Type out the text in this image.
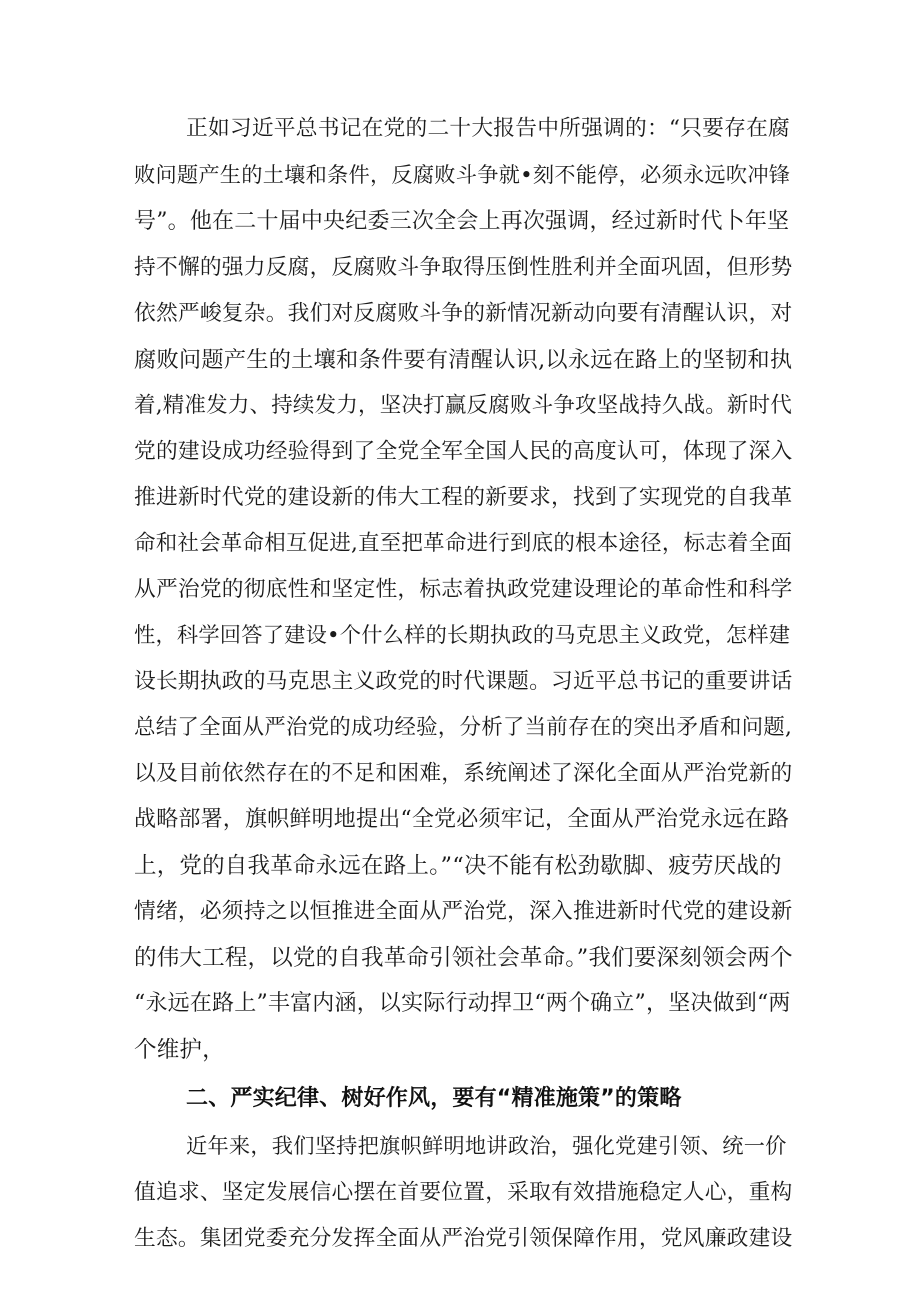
正如习近平总书记在党的二十大报告中所强调的：“只要存在腐
败问题产生的土壤和条件，反腐败斗争就•刻不能停，必须永远吹冲锋
号”。他在二十届中央纪委三次全会上再次强调，经过新时代卜年坚
持不懈的强力反腐，反腐败斗争取得压倒性胜利并全面巩固，但形势
依然严峻复杂。我们对反腐败斗争的新情况新动向要有清醒认识，对
腐败问题产生的土壤和条件要有清醒认识,以永远在路上的坚韧和执
着,精准发力、持续发力，坚决打赢反腐败斗争攻坚战持久战。新时代
党的建设成功经验得到了全党全军全国人民的高度认可，体现了深入
推进新时代党的建设新的伟大工程的新要求，找到了实现党的自我革
命和社会革命相互促进,直至把革命进行到底的根本途径，标志着全面
从严治党的彻底性和坚定性，标志着执政党建设理论的革命性和科学
性，科学回答了建设•个什么样的长期执政的马克思主义政党，怎样建
设长期执政的马克思主义政党的时代课题。习近平总书记的重要讲话
总结了全面从严治党的成功经验，分析了当前存在的突出矛盾和问题,
以及目前依然存在的不足和困难，系统阐述了深化全面从严治党新的
战略部署，旗帜鲜明地提出“全党必须牢记，全面从严治党永远在路
上，党的自我革命永远在路上。”“决不能有松劲歇脚、疲劳厌战的
情绪，必须持之以恒推进全面从严治党，深入推进新时代党的建设新
的伟大工程，以党的自我革命引领社会革命。”我们要深刻领会两个
“永远在路上”丰富内涵，以实际行动捍卫“两个确立”，坚决做到“两
个维护，
二、严实纪律、树好作风，要有“精准施策”的策略
近年来，我们坚持把旗帜鲜明地讲政治，强化党建引领、统一价
值追求、坚定发展信心摆在首要位置，采取有效措施稳定人心，重构
生态。集团党委充分发挥全面从严治党引领保障作用，党风廉政建设
